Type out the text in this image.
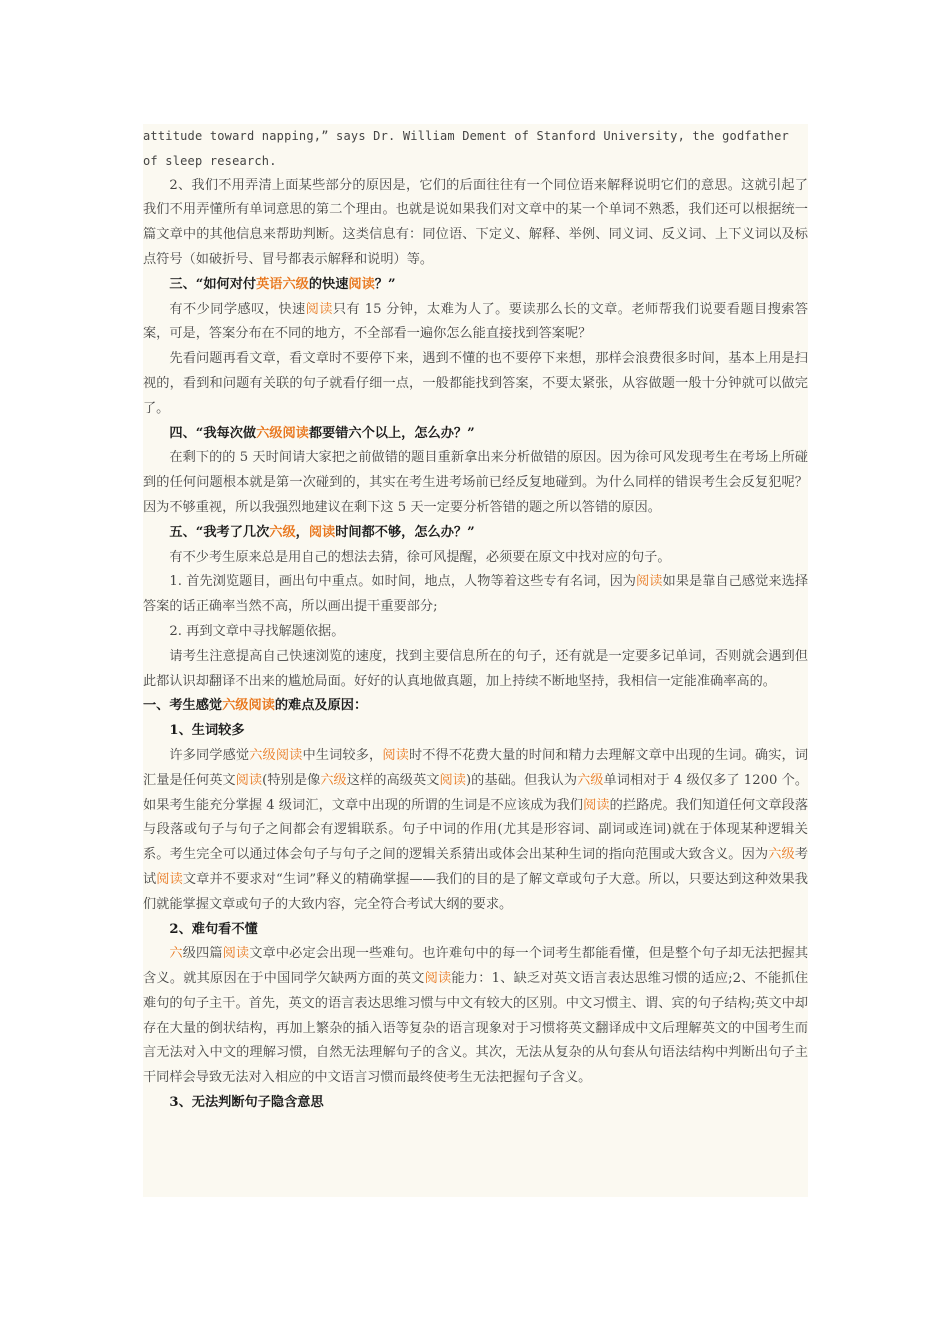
attitude toward napping,” says Dr. William Dement of Stanford University, the godfather of sleep research.

2、我们不用弄清上面某些部分的原因是，它们的后面往往有一个同位语来解释说明它们的意思。这就引起了我们不用弄懂所有单词意思的第二个理由。也就是说如果我们对文章中的某一个单词不熟悉，我们还可以根据统一篇文章中的其他信息来帮助判断。这类信息有：同位语、下定义、解释、举例、同义词、反义词、上下义词以及标点符号（如破折号、冒号都表示解释和说明）等。

三、“如何对付英语六级的快速阅读？”

有不少同学感叹，快速阅读只有 15 分钟，太难为人了。要读那么长的文章。老师帮我们说要看题目搜索答案，可是，答案分布在不同的地方，不全部看一遍你怎么能直接找到答案呢？

先看问题再看文章，看文章时不要停下来，遇到不懂的也不要停下来想，那样会浪费很多时间，基本上用是扫视的，看到和问题有关联的句子就看仔细一点，一般都能找到答案，不要太紧张，从容做题一般十分钟就可以做完了。

四、“我每次做六级阅读都要错六个以上，怎么办？”

在剩下的的 5 天时间请大家把之前做错的题目重新拿出来分析做错的原因。因为徐可风发现考生在考场上所碰到的任何问题根本就是第一次碰到的，其实在考生进考场前已经反复地碰到。为什么同样的错误考生会反复犯呢？因为不够重视，所以我强烈地建议在剩下这 5 天一定要分析答错的题之所以答错的原因。

五、“我考了几次六级，阅读时间都不够，怎么办？”

有不少考生原来总是用自己的想法去猜，徐可风提醒，必须要在原文中找对应的句子。

1. 首先浏览题目，画出句中重点。如时间，地点，人物等着这些专有名词，因为阅读如果是靠自己感觉来选择答案的话正确率当然不高，所以画出提干重要部分;

2. 再到文章中寻找解题依据。

请考生注意提高自己快速浏览的速度，找到主要信息所在的句子，还有就是一定要多记单词，否则就会遇到但此都认识却翻译不出来的尴尬局面。好好的认真地做真题，加上持续不断地坚持，我相信一定能准确率高的。

一、考生感觉六级阅读的难点及原因：

1、生词较多

许多同学感觉六级阅读中生词较多，阅读时不得不花费大量的时间和精力去理解文章中出现的生词。确实，词汇量是任何英文阅读(特别是像六级这样的高级英文阅读)的基础。但我认为六级单词相对于 4 级仅多了 1200 个。如果考生能充分掌握 4 级词汇，文章中出现的所谓的生词是不应该成为我们阅读的拦路虎。我们知道任何文章段落与段落或句子与句子之间都会有逻辑联系。句子中词的作用(尤其是形容词、副词或连词)就在于体现某种逻辑关系。考生完全可以通过体会句子与句子之间的逻辑关系猜出或体会出某种生词的指向范围或大致含义。因为六级考试阅读文章并不要求对“生词”释义的精确掌握——我们的目的是了解文章或句子大意。所以，只要达到这种效果我们就能掌握文章或句子的大致内容，完全符合考试大纲的要求。

2、难句看不懂

六级四篇阅读文章中必定会出现一些难句。也许难句中的每一个词考生都能看懂，但是整个句子却无法把握其含义。就其原因在于中国同学欠缺两方面的英文阅读能力：1、缺乏对英文语言表达思维习惯的适应;2、不能抓住难句的句子主干。首先，英文的语言表达思维习惯与中文有较大的区别。中文习惯主、谓、宾的句子结构;英文中却存在大量的倒状结构，再加上繁杂的插入语等复杂的语言现象对于习惯将英文翻译成中文后理解英文的中国考生而言无法对入中文的理解习惯，自然无法理解句子的含义。其次，无法从复杂的从句套从句语法结构中判断出句子主干同样会导致无法对入相应的中文语言习惯而最终使考生无法把握句子含义。

3、无法判断句子隐含意思
